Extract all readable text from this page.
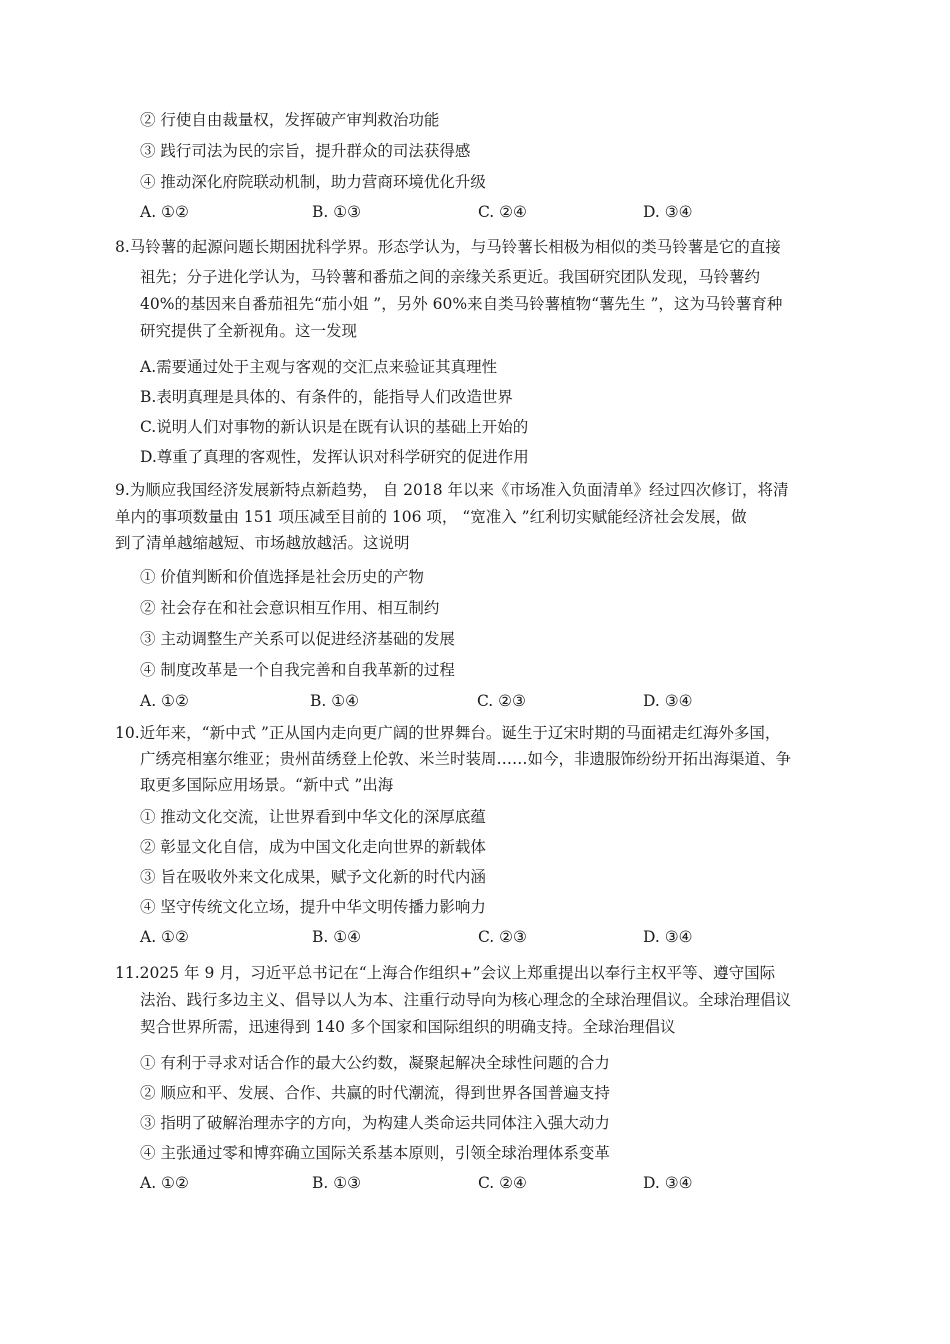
② 行使自由裁量权，发挥破产审判救治功能
③ 践行司法为民的宗旨，提升群众的司法获得感
④ 推动深化府院联动机制，助力营商环境优化升级
A. ①②	B. ①③	C. ②④	D. ③④
8.马铃薯的起源问题长期困扰科学界。形态学认为，与马铃薯长相极为相似的类马铃薯是它的直接
祖先；分子进化学认为，马铃薯和番茄之间的亲缘关系更近。我国研究团队发现，马铃薯约
40%的基因来自番茄祖先“茄小姐 ”，另外 60%来自类马铃薯植物“薯先生 ”，这为马铃薯育种
研究提供了全新视角。这一发现
A.需要通过处于主观与客观的交汇点来验证其真理性
B.表明真理是具体的、有条件的，能指导人们改造世界
C.说明人们对事物的新认识是在既有认识的基础上开始的
D.尊重了真理的客观性，发挥认识对科学研究的促进作用
9.为顺应我国经济发展新特点新趋势， 自 2018 年以来《市场准入负面清单》经过四次修订，将清
单内的事项数量由 151 项压减至目前的 106 项， “宽准入 ”红利切实赋能经济社会发展，做
到了清单越缩越短、市场越放越活。这说明
① 价值判断和价值选择是社会历史的产物
② 社会存在和社会意识相互作用、相互制约
③ 主动调整生产关系可以促进经济基础的发展
④ 制度改革是一个自我完善和自我革新的过程
A. ①②	B. ①④	C. ②③	D. ③④
10.近年来，“新中式 ”正从国内走向更广阔的世界舞台。诞生于辽宋时期的马面裙走红海外多国，
广绣亮相塞尔维亚；贵州苗绣登上伦敦、米兰时装周……如今，非遗服饰纷纷开拓出海渠道、争
取更多国际应用场景。“新中式 ”出海
① 推动文化交流，让世界看到中华文化的深厚底蕴
② 彰显文化自信，成为中国文化走向世界的新载体
③ 旨在吸收外来文化成果，赋予文化新的时代内涵
④ 坚守传统文化立场，提升中华文明传播力影响力
A. ①②	B. ①④	C. ②③	D. ③④
11.2025 年 9 月，习近平总书记在“上海合作组织+”会议上郑重提出以奉行主权平等、遵守国际
法治、践行多边主义、倡导以人为本、注重行动导向为核心理念的全球治理倡议。全球治理倡议
契合世界所需，迅速得到 140 多个国家和国际组织的明确支持。全球治理倡议
① 有利于寻求对话合作的最大公约数，凝聚起解决全球性问题的合力
② 顺应和平、发展、合作、共赢的时代潮流，得到世界各国普遍支持
③ 指明了破解治理赤字的方向，为构建人类命运共同体注入强大动力
④ 主张通过零和博弈确立国际关系基本原则，引领全球治理体系变革
A. ①②	B. ①③	C. ②④	D. ③④
